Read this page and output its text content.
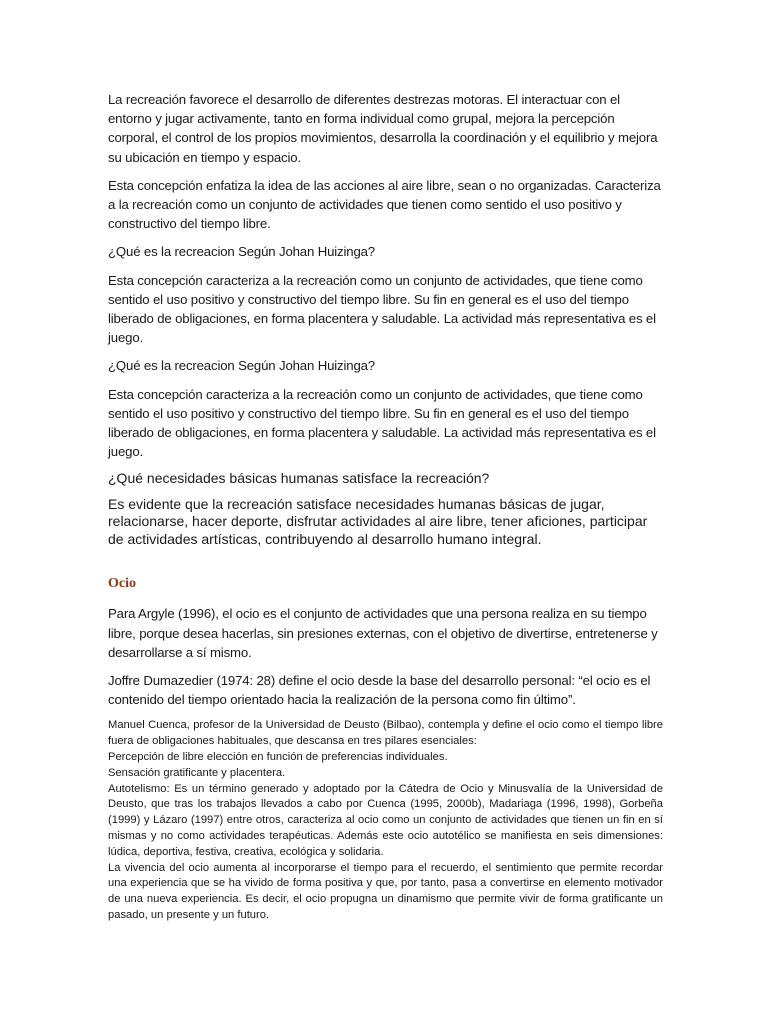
La recreación favorece el desarrollo de diferentes destrezas motoras. El interactuar con el entorno y jugar activamente, tanto en forma individual como grupal, mejora la percepción corporal, el control de los propios movimientos, desarrolla la coordinación y el equilibrio y mejora su ubicación en tiempo y espacio.

Esta concepción enfatiza la idea de las acciones al aire libre, sean o no organizadas. Caracteriza a la recreación como un conjunto de actividades que tienen como sentido el uso positivo y constructivo del tiempo libre.

¿Qué es la recreacion Según Johan Huizinga?

Esta concepción caracteriza a la recreación como un conjunto de actividades, que tiene como sentido el uso positivo y constructivo del tiempo libre. Su fin en general es el uso del tiempo liberado de obligaciones, en forma placentera y saludable. La actividad más representativa es el juego.

¿Qué es la recreacion Según Johan Huizinga?

Esta concepción caracteriza a la recreación como un conjunto de actividades, que tiene como sentido el uso positivo y constructivo del tiempo libre. Su fin en general es el uso del tiempo liberado de obligaciones, en forma placentera y saludable. La actividad más representativa es el juego.

¿Qué necesidades básicas humanas satisface la recreación?

Es evidente que la recreación satisface necesidades humanas básicas de jugar, relacionarse, hacer deporte, disfrutar actividades al aire libre, tener aficiones, participar de actividades artísticas, contribuyendo al desarrollo humano integral.

Ocio

Para Argyle (1996), el ocio es el conjunto de actividades que una persona realiza en su tiempo libre, porque desea hacerlas, sin presiones externas, con el objetivo de divertirse, entretenerse y desarrollarse a sí mismo.

Joffre Dumazedier (1974: 28) define el ocio desde la base del desarrollo personal: “el ocio es el contenido del tiempo orientado hacia la realización de la persona como fin último”.

Manuel Cuenca, profesor de la Universidad de Deusto (Bilbao), contempla y define el ocio como el tiempo libre fuera de obligaciones habituales, que descansa en tres pilares esenciales:

Percepción de libre elección en función de preferencias individuales.

Sensación gratificante y placentera.

Autotelismo: Es un término generado y adoptado por la Cátedra de Ocio y Minusvalía de la Universidad de Deusto, que tras los trabajos llevados a cabo por Cuenca (1995, 2000b), Madariaga (1996, 1998), Gorbeña (1999) y Lázaro (1997) entre otros, caracteriza al ocio como un conjunto de actividades que tienen un fin en sí mismas y no como actividades terapéuticas. Además este ocio autotélico se manifiesta en seis dimensiones: lúdica, deportiva, festiva, creativa, ecológica y solidaria.

La vivencia del ocio aumenta al incorporarse el tiempo para el recuerdo, el sentimiento que permite recordar una experiencia que se ha vivido de forma positiva y que, por tanto, pasa a convertirse en elemento motivador de una nueva experiencia. Es decir, el ocio propugna un dinamismo que permite vivir de forma gratificante un pasado, un presente y un futuro.
